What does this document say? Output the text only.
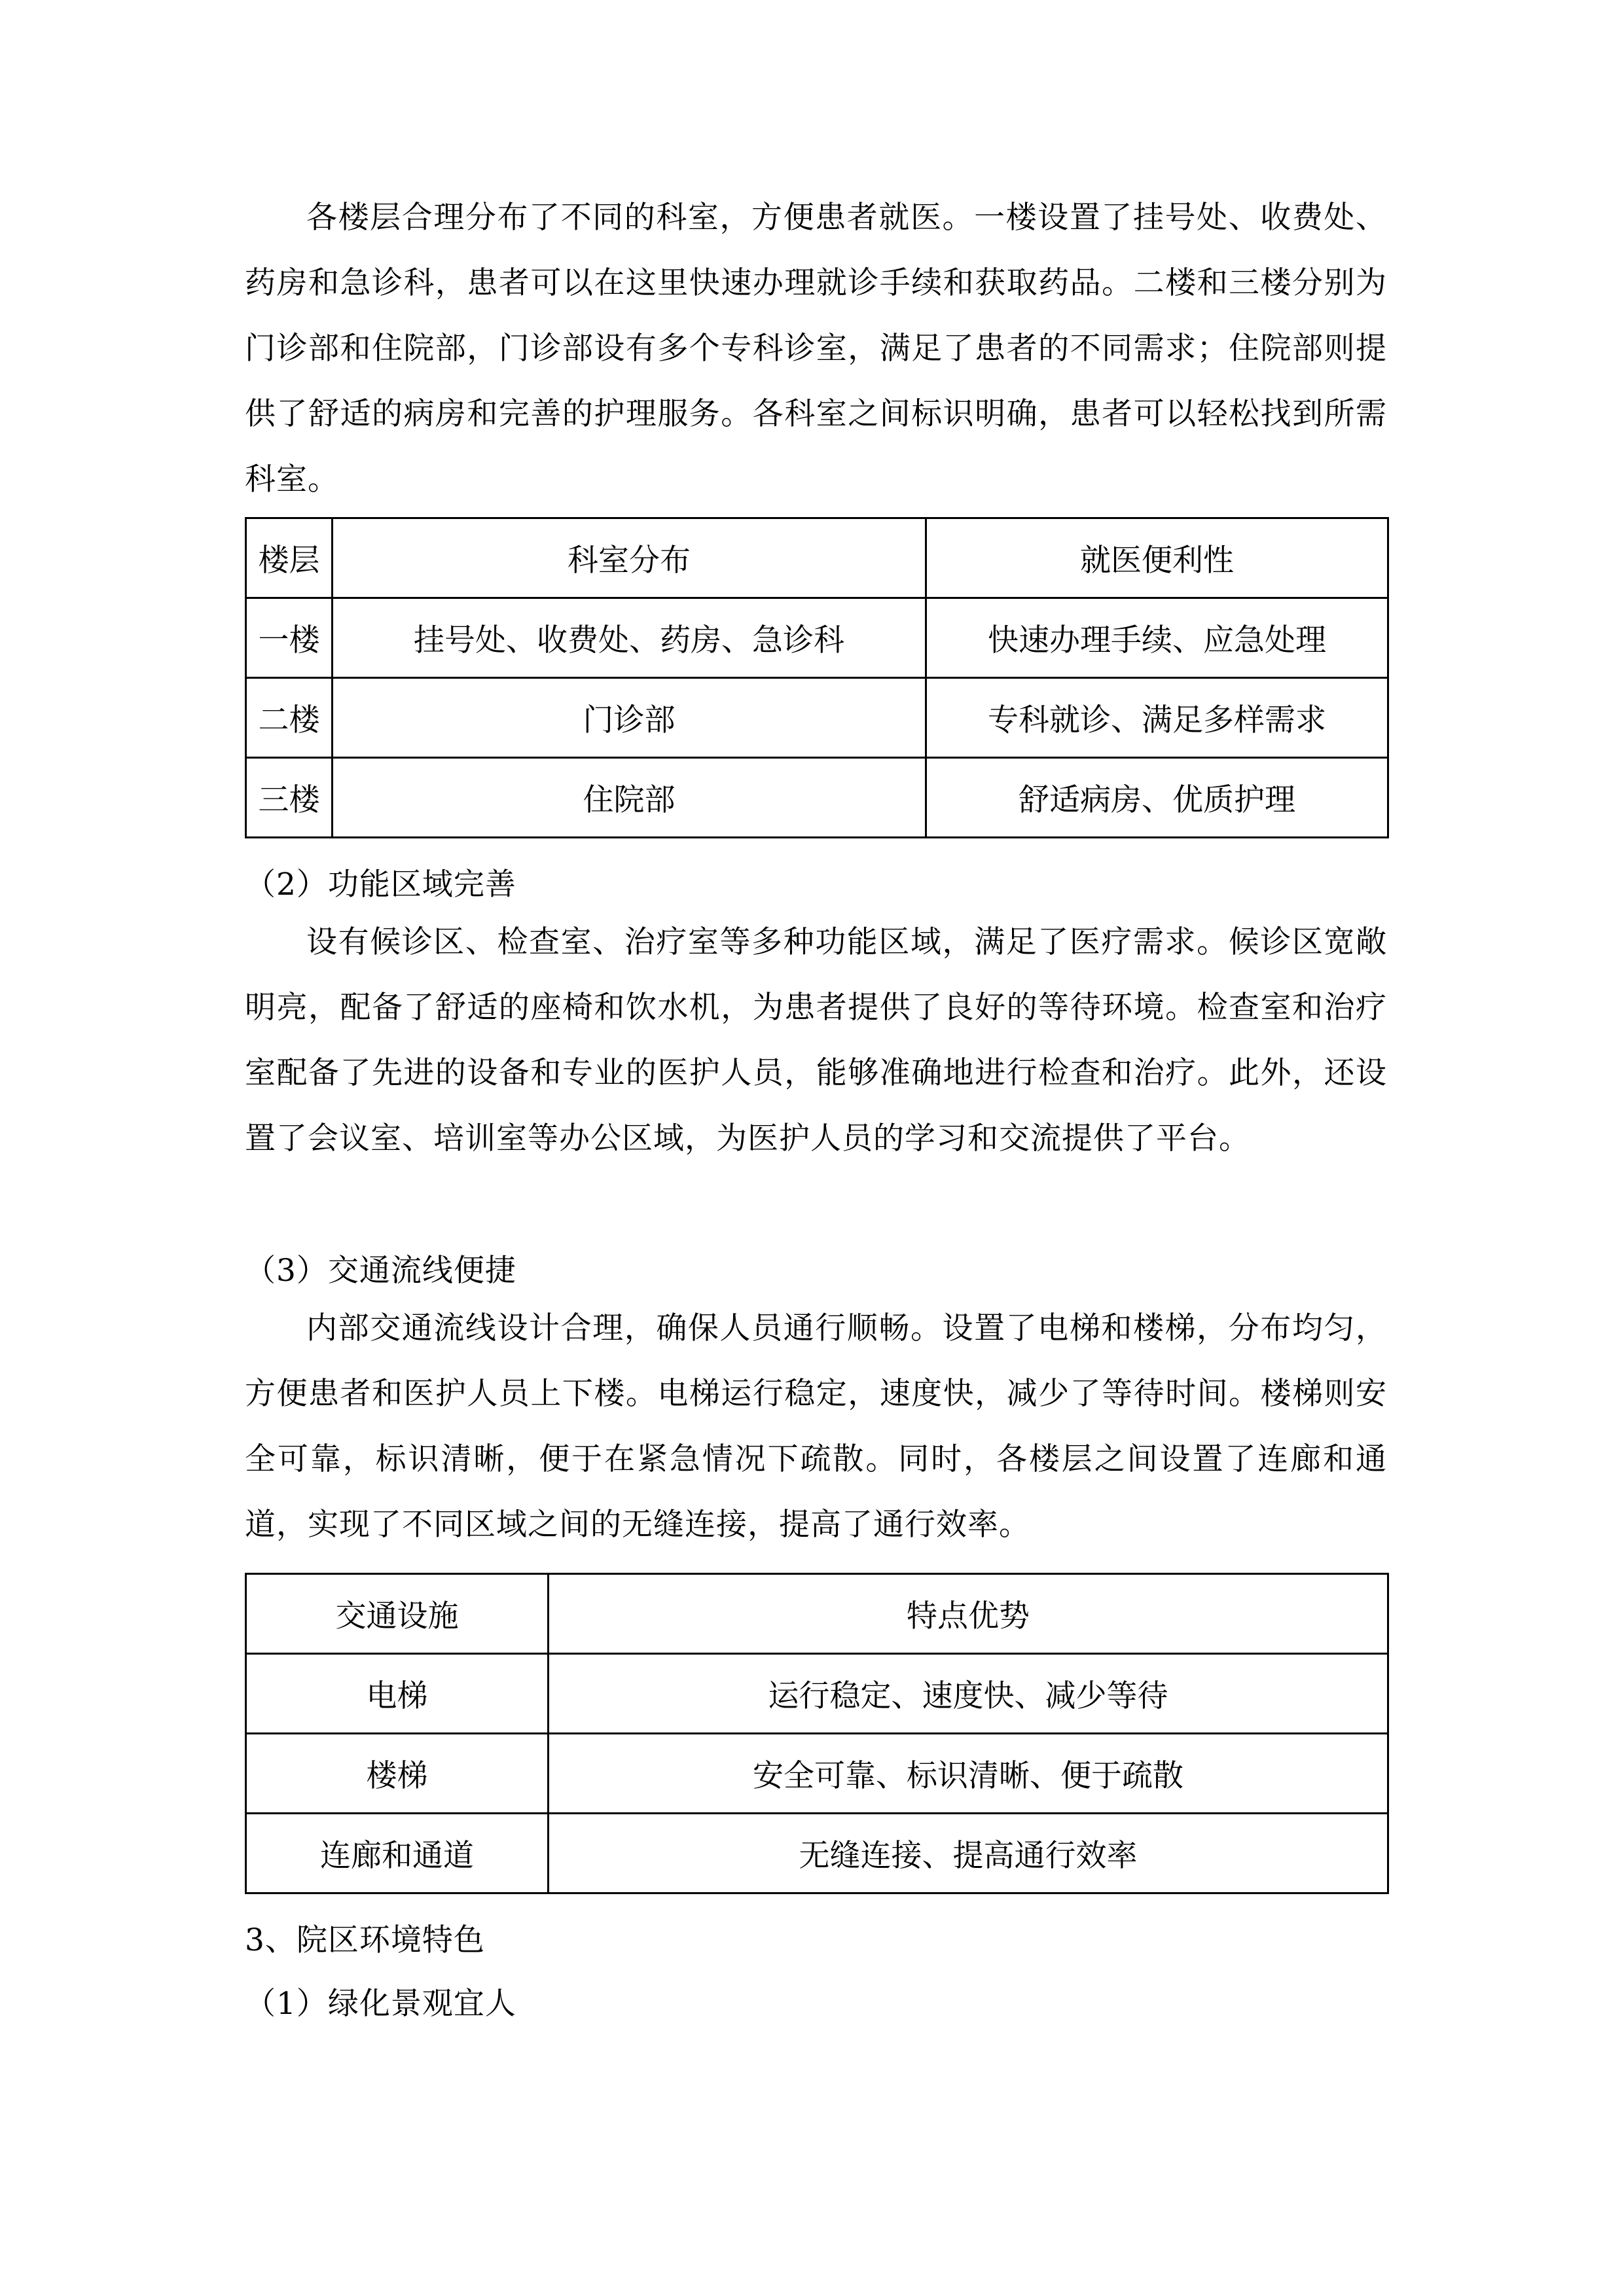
各楼层合理分布了不同的科室，方便患者就医。一楼设置了挂号处、收费处、药房和急诊科，患者可以在这里快速办理就诊手续和获取药品。二楼和三楼分别为门诊部和住院部，门诊部设有多个专科诊室，满足了患者的不同需求；住院部则提供了舒适的病房和完善的护理服务。各科室之间标识明确，患者可以轻松找到所需科室。

楼层	科室分布	就医便利性
一楼	挂号处、收费处、药房、急诊科	快速办理手续、应急处理
二楼	门诊部	专科就诊、满足多样需求
三楼	住院部	舒适病房、优质护理
（2）功能区域完善

设有候诊区、检查室、治疗室等多种功能区域，满足了医疗需求。候诊区宽敞明亮，配备了舒适的座椅和饮水机，为患者提供了良好的等待环境。检查室和治疗室配备了先进的设备和专业的医护人员，能够准确地进行检查和治疗。此外，还设置了会议室、培训室等办公区域，为医护人员的学习和交流提供了平台。

（3）交通流线便捷

内部交通流线设计合理，确保人员通行顺畅。设置了电梯和楼梯，分布均匀，方便患者和医护人员上下楼。电梯运行稳定，速度快，减少了等待时间。楼梯则安全可靠，标识清晰，便于在紧急情况下疏散。同时，各楼层之间设置了连廊和通道，实现了不同区域之间的无缝连接，提高了通行效率。

交通设施	特点优势
电梯	运行稳定、速度快、减少等待
楼梯	安全可靠、标识清晰、便于疏散
连廊和通道	无缝连接、提高通行效率
3、院区环境特色
（1）绿化景观宜人
